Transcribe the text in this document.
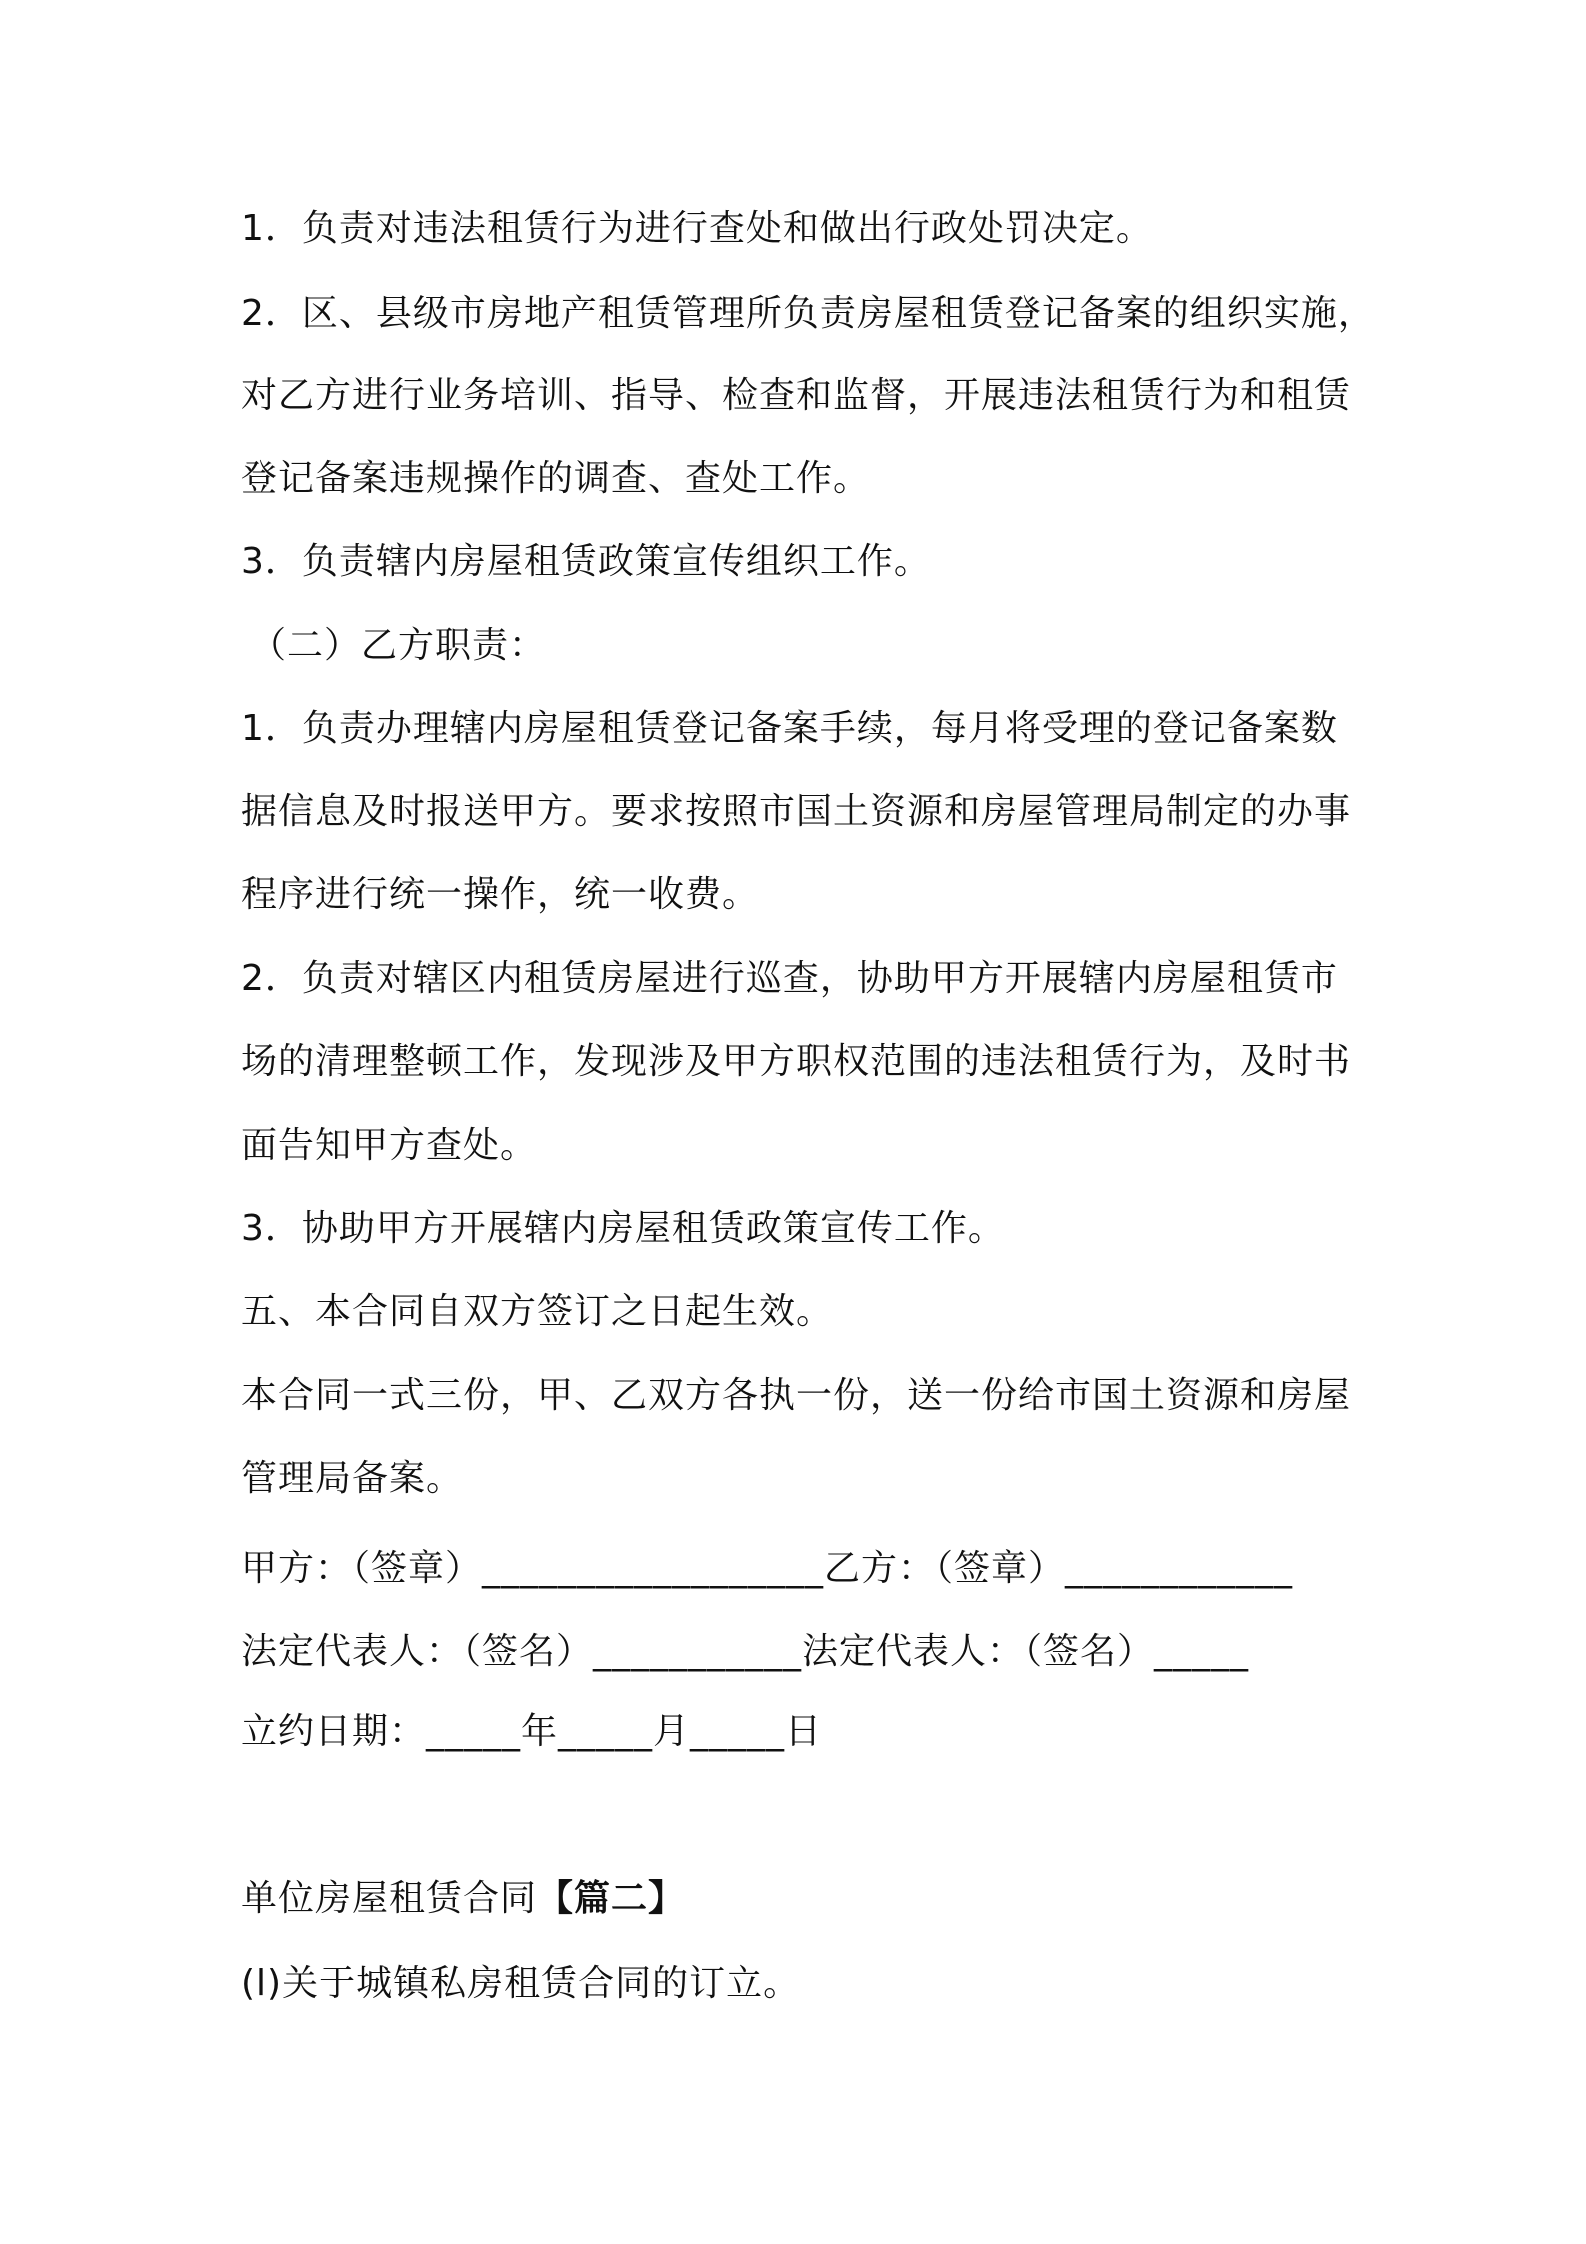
1．负责对违法租赁行为进行查处和做出行政处罚决定。
2．区、县级市房地产租赁管理所负责房屋租赁登记备案的组织实施，
对乙方进行业务培训、指导、检查和监督，开展违法租赁行为和租赁
登记备案违规操作的调查、查处工作。
3．负责辖内房屋租赁政策宣传组织工作。
（二）乙方职责：
1．负责办理辖内房屋租赁登记备案手续，每月将受理的登记备案数
据信息及时报送甲方。要求按照市国土资源和房屋管理局制定的办事
程序进行统一操作，统一收费。
2．负责对辖区内租赁房屋进行巡查，协助甲方开展辖内房屋租赁市
场的清理整顿工作，发现涉及甲方职权范围的违法租赁行为，及时书
面告知甲方查处。
3．协助甲方开展辖内房屋租赁政策宣传工作。
五、本合同自双方签订之日起生效。
本合同一式三份，甲、乙双方各执一份，送一份给市国土资源和房屋
管理局备案。
甲方：（签章）__________________乙方：（签章）____________
法定代表人：（签名）___________法定代表人：（签名）_____
立约日期：_____年_____月_____日
单位房屋租赁合同【篇二】
(l)关于城镇私房租赁合同的订立。
